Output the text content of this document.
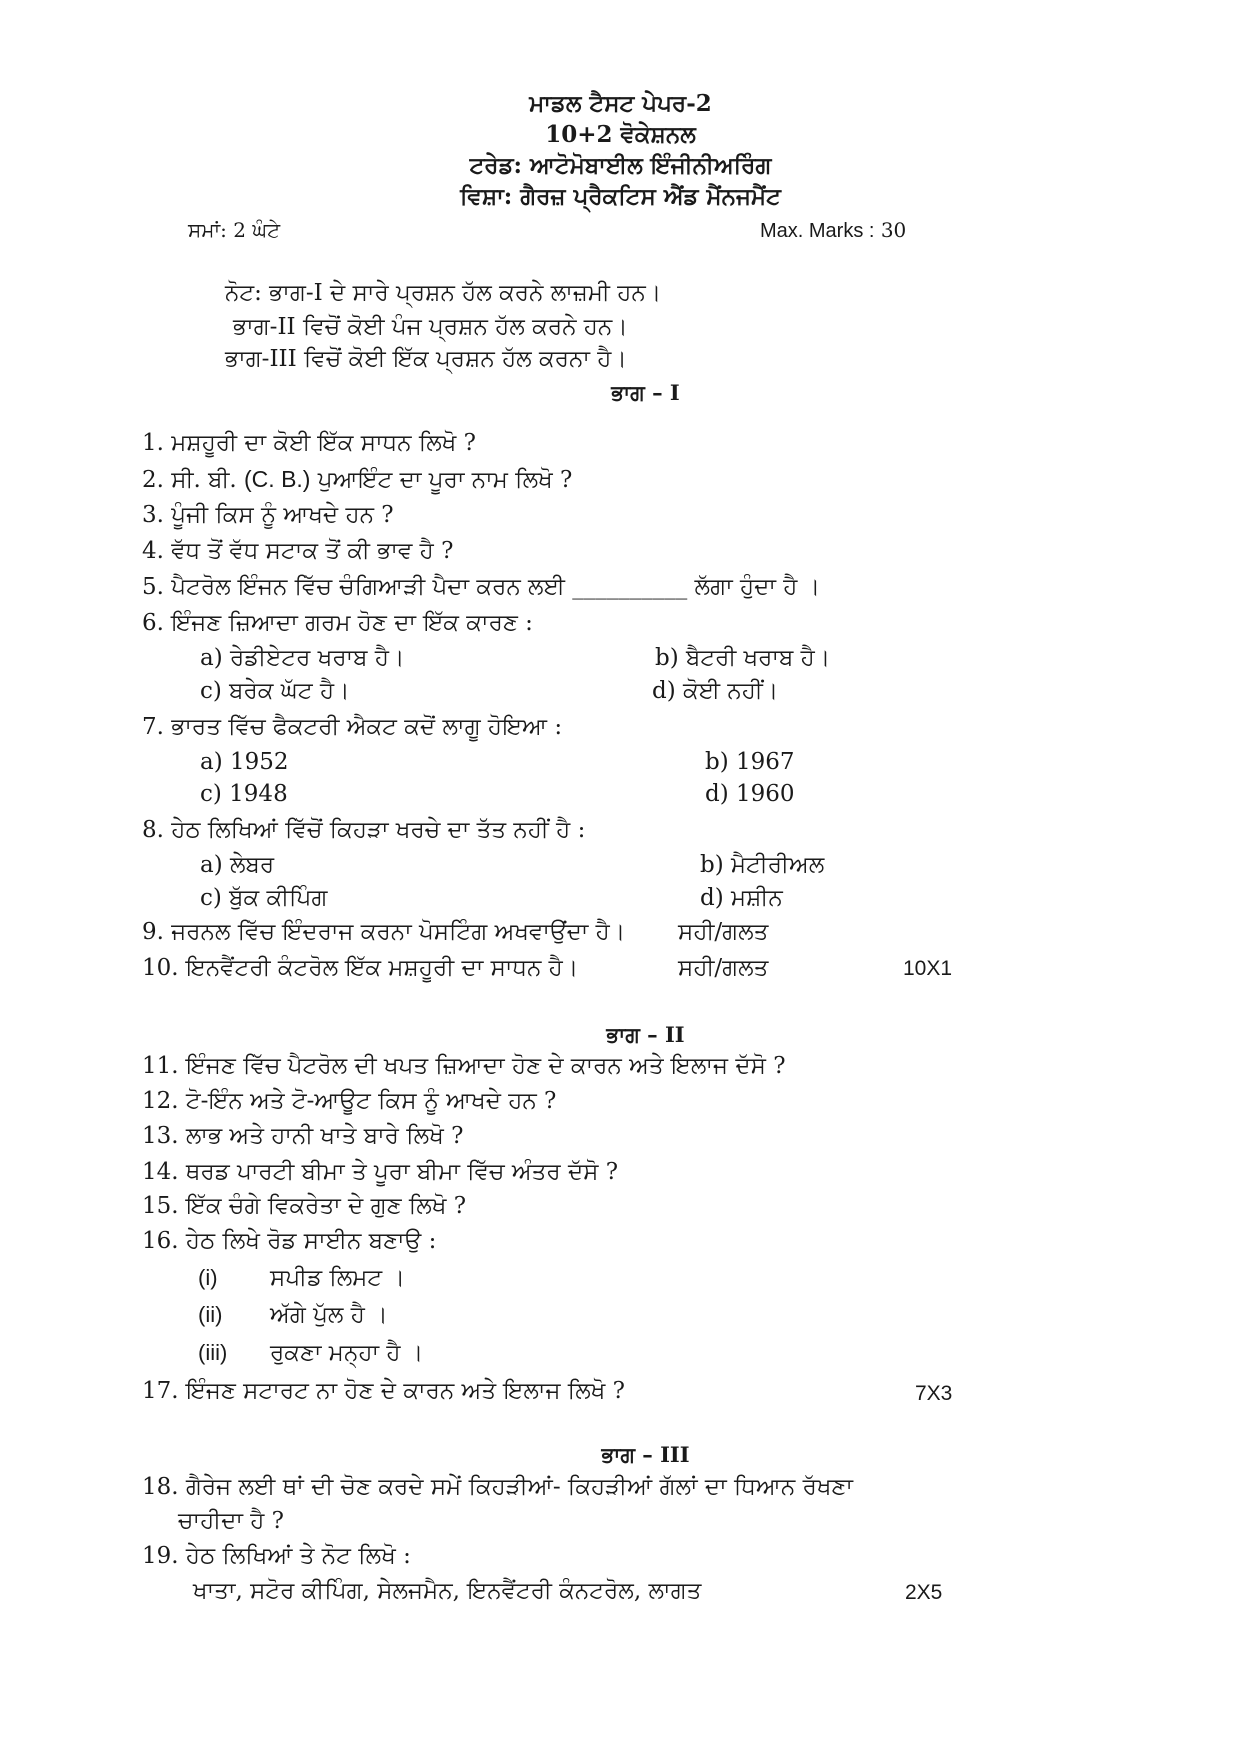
ਮਾਡਲ ਟੈਸਟ ਪੇਪਰ-2
10+2 ਵੋਕੇਸ਼ਨਲ
ਟਰੇਡ: ਆਟੋਮੋਬਾਈਲ ਇੰਜੀਨੀਅਰਿੰਗ
ਵਿਸ਼ਾ: ਗੈਰਜ਼ ਪ੍ਰੈਕਟਿਸ ਐਂਡ ਮੈਂਨਜਮੈਂਟ
ਸਮਾਂ: 2 ਘੰਟੇ	Max. Marks : 30
ਨੋਟ: ਭਾਗ-I ਦੇ ਸਾਰੇ ਪ੍ਰਸ਼ਨ ਹੱਲ ਕਰਨੇ ਲਾਜ਼ਮੀ ਹਨ।
ਭਾਗ-II ਵਿਚੋਂ ਕੋਈ ਪੰਜ ਪ੍ਰਸ਼ਨ ਹੱਲ ਕਰਨੇ ਹਨ।
ਭਾਗ-III ਵਿਚੋਂ ਕੋਈ ਇੱਕ ਪ੍ਰਸ਼ਨ ਹੱਲ ਕਰਨਾ ਹੈ।
ਭਾਗ – I
1. ਮਸ਼ਹੂਰੀ ਦਾ ਕੋਈ ਇੱਕ ਸਾਧਨ ਲਿਖੋ ?
2. ਸੀ. ਬੀ. (C. B.) ਪੁਆਇੰਟ ਦਾ ਪੂਰਾ ਨਾਮ ਲਿਖੋ ?
3. ਪੂੰਜੀ ਕਿਸ ਨੂੰ ਆਖਦੇ ਹਨ ?
4. ਵੱਧ ਤੋਂ ਵੱਧ ਸਟਾਕ ਤੋਂ ਕੀ ਭਾਵ ਹੈ ?
5. ਪੈਟਰੋਲ ਇੰਜਨ ਵਿੱਚ ਚੰਗਿਆੜੀ ਪੈਦਾ ਕਰਨ ਲਈ __________ ਲੱਗਾ ਹੁੰਦਾ ਹੈ ।
6. ਇੰਜਣ ਜ਼ਿਆਦਾ ਗਰਮ ਹੋਣ ਦਾ ਇੱਕ ਕਾਰਣ :
a) ਰੇਡੀਏਟਰ ਖਰਾਬ ਹੈ।	b) ਬੈਟਰੀ ਖਰਾਬ ਹੈ।
c) ਬਰੇਕ ਘੱਟ ਹੈ।	d) ਕੋਈ ਨਹੀਂ।
7. ਭਾਰਤ ਵਿੱਚ ਫੈਕਟਰੀ ਐਕਟ ਕਦੋਂ ਲਾਗੂ ਹੋਇਆ :
a) 1952	b) 1967
c) 1948	d) 1960
8. ਹੇਠ ਲਿਖਿਆਂ ਵਿੱਚੋਂ ਕਿਹੜਾ ਖਰਚੇ ਦਾ ਤੱਤ ਨਹੀਂ ਹੈ :
a) ਲੇਬਰ	b) ਮੈਟੀਰੀਅਲ
c) ਬੁੱਕ ਕੀਪਿੰਗ	d) ਮਸ਼ੀਨ
9. ਜਰਨਲ ਵਿੱਚ ਇੰਦਰਾਜ ਕਰਨਾ ਪੋਸਟਿੰਗ ਅਖਵਾਉਂਦਾ ਹੈ। ਸਹੀ/ਗਲਤ
10. ਇਨਵੈਂਟਰੀ ਕੰਟਰੋਲ ਇੱਕ ਮਸ਼ਹੂਰੀ ਦਾ ਸਾਧਨ ਹੈ।	ਸਹੀ/ਗਲਤ	10X1
ਭਾਗ – II
11. ਇੰਜਣ ਵਿੱਚ ਪੈਟਰੋਲ ਦੀ ਖਪਤ ਜ਼ਿਆਦਾ ਹੋਣ ਦੇ ਕਾਰਨ ਅਤੇ ਇਲਾਜ ਦੱਸੋ ?
12. ਟੋ-ਇੰਨ ਅਤੇ ਟੋ-ਆਊਟ ਕਿਸ ਨੂੰ ਆਖਦੇ ਹਨ ?
13. ਲਾਭ ਅਤੇ ਹਾਨੀ ਖਾਤੇ ਬਾਰੇ ਲਿਖੋ ?
14. ਥਰਡ ਪਾਰਟੀ ਬੀਮਾ ਤੇ ਪੂਰਾ ਬੀਮਾ ਵਿੱਚ ਅੰਤਰ ਦੱਸੋ ?
15. ਇੱਕ ਚੰਗੇ ਵਿਕਰੇਤਾ ਦੇ ਗੁਣ ਲਿਖੋ ?
16. ਹੇਠ ਲਿਖੇ ਰੋਡ ਸਾਈਨ ਬਣਾਉ :
(i) ਸਪੀਡ ਲਿਮਟ ।
(ii) ਅੱਗੇ ਪੁੱਲ ਹੈ ।
(iii) ਰੁਕਣਾ ਮਨ੍ਹਾ ਹੈ ।
17. ਇੰਜਣ ਸਟਾਰਟ ਨਾ ਹੋਣ ਦੇ ਕਾਰਨ ਅਤੇ ਇਲਾਜ ਲਿਖੋ ?	7X3
ਭਾਗ – III
18. ਗੈਰੇਜ ਲਈ ਥਾਂ ਦੀ ਚੋਣ ਕਰਦੇ ਸਮੇਂ ਕਿਹੜੀਆਂ- ਕਿਹੜੀਆਂ ਗੱਲਾਂ ਦਾ ਧਿਆਨ ਰੱਖਣਾ
ਚਾਹੀਦਾ ਹੈ ?
19. ਹੇਠ ਲਿਖਿਆਂ ਤੇ ਨੋਟ ਲਿਖੋ :
ਖਾਤਾ, ਸਟੋਰ ਕੀਪਿੰਗ, ਸੇਲਜਮੈਨ, ਇਨਵੈਂਟਰੀ ਕੰਨਟਰੋਲ, ਲਾਗਤ	2X5
